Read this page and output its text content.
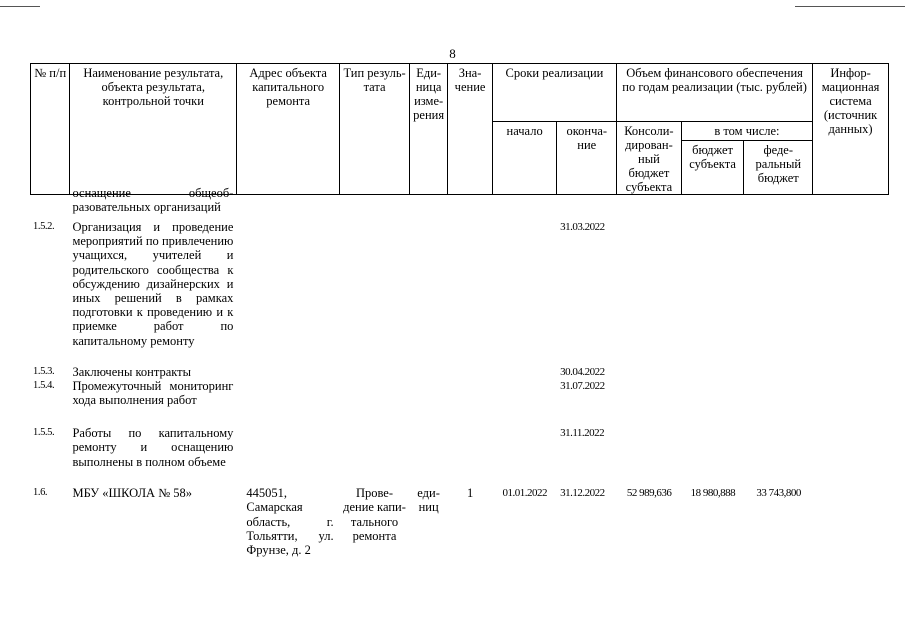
8
№ п/п	Наименование результата, объекта результата, контрольной точки	Адрес объекта капитального ремонта	Тип резуль-тата	Еди-ница изме-рения	Зна-чение	Сроки реализации		Объем финансового обеспечения по годам реализации (тыс. рублей)			Инфор-мационная система (источник данных)
						начало	оконча-ние	Консоли-дирован-ный бюджет субъекта	в том числе:		
									бюджет субъекта	феде-ральный бюджет	
	оснащение общеоб-разовательных организаций										
1.5.2.	Организация и проведение мероприятий по привлечению учащихся, учителей и родительского сообщества к обсуждению дизайнерских и иных решений в рамках подготовки к проведению и к приемке работ по капитальному ремонту						31.03.2022				
1.5.3.	Заключены контракты						30.04.2022				
1.5.4.	Промежуточный мониторинг хода выполнения работ						31.07.2022				
1.5.5.	Работы по капитальному ремонту и оснащению выполнены в полном объеме						31.11.2022				
1.6.	МБУ «ШКОЛА № 58»	445051, Самарская область, г. Тольятти, ул. Фрунзе, д. 2	Прове-дение капи-тального ремонта	еди-ниц	1	01.01.2022	31.12.2022	52 989,636	18 980,888	33 743,800	
